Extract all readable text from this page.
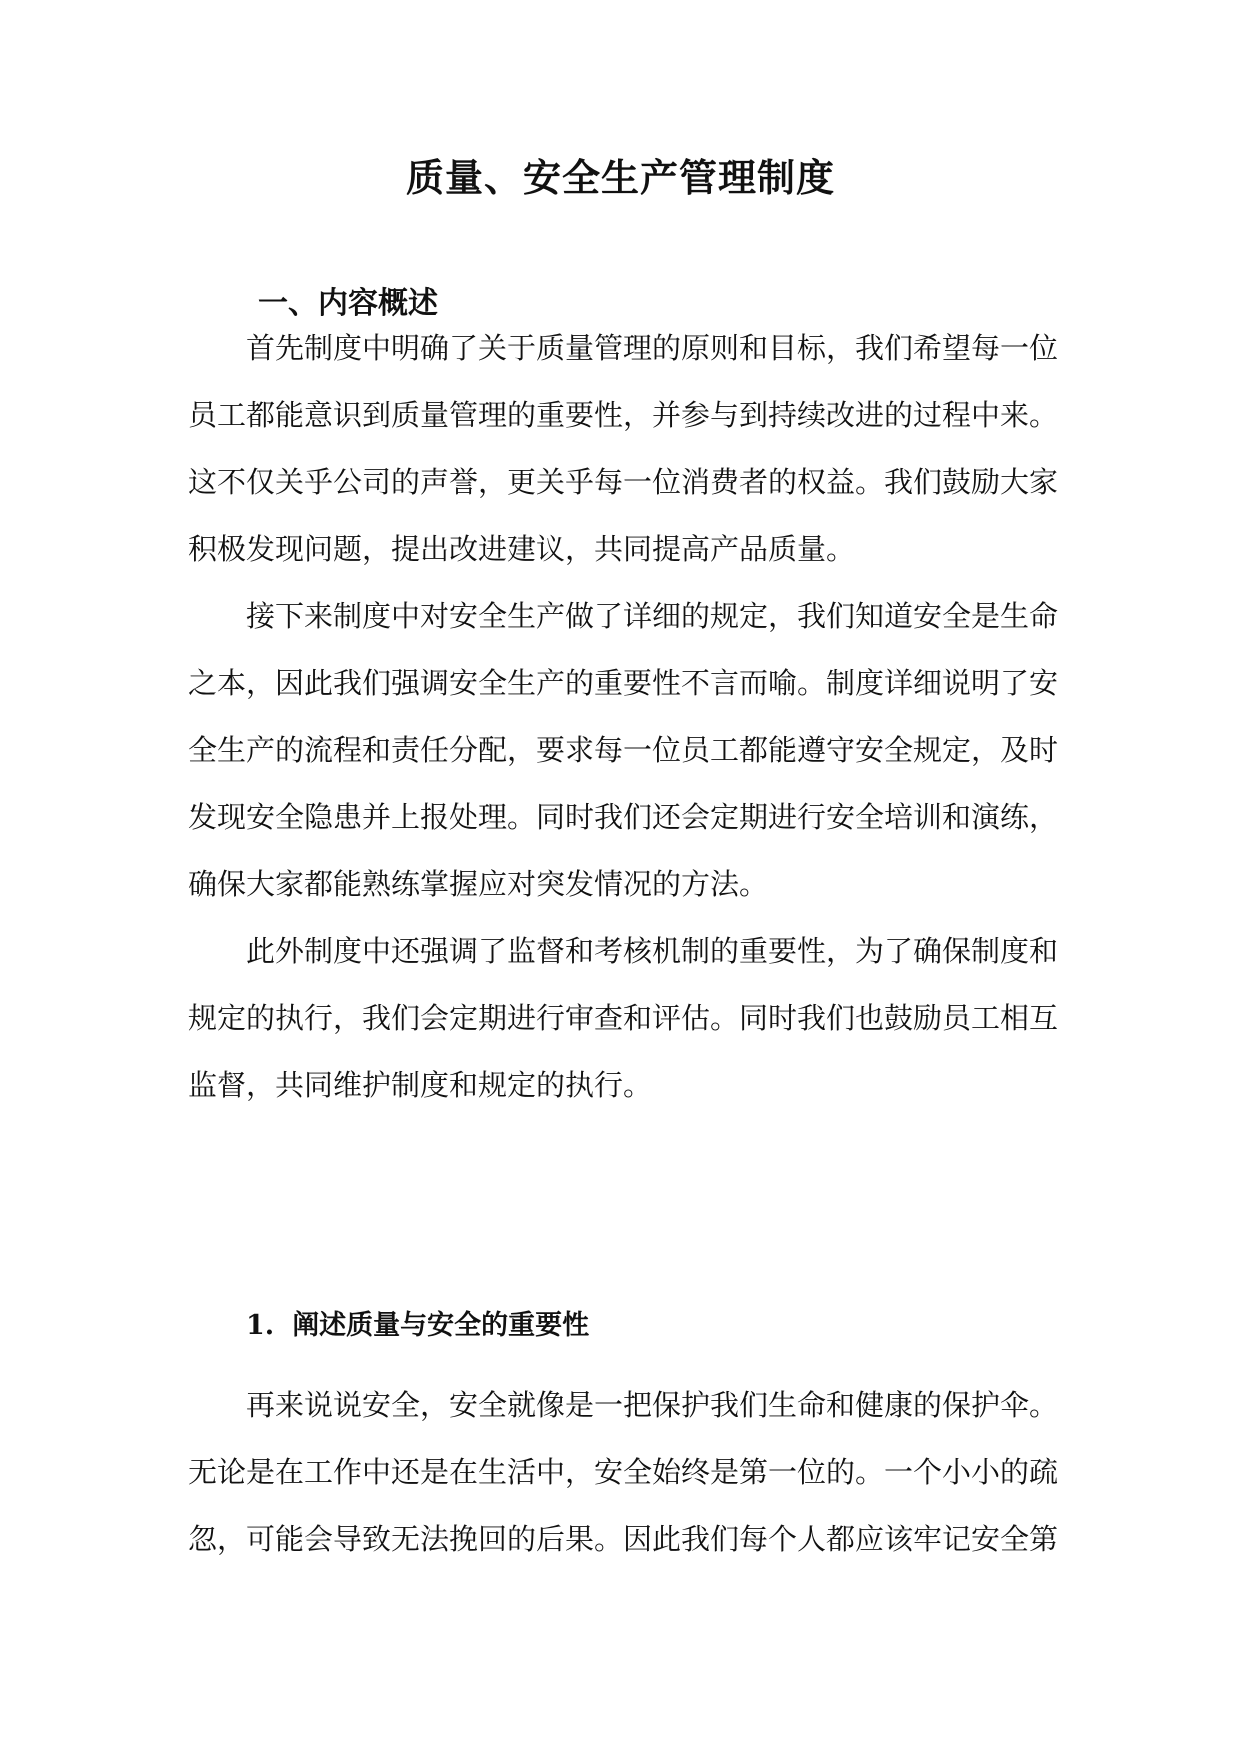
质量、安全生产管理制度
一、内容概述

首先制度中明确了关于质量管理的原则和目标，我们希望每一位

员工都能意识到质量管理的重要性，并参与到持续改进的过程中来。

这不仅关乎公司的声誉，更关乎每一位消费者的权益。我们鼓励大家

积极发现问题，提出改进建议，共同提高产品质量。

接下来制度中对安全生产做了详细的规定，我们知道安全是生命

之本，因此我们强调安全生产的重要性不言而喻。制度详细说明了安

全生产的流程和责任分配，要求每一位员工都能遵守安全规定，及时

发现安全隐患并上报处理。同时我们还会定期进行安全培训和演练，

确保大家都能熟练掌握应对突发情况的方法。

此外制度中还强调了监督和考核机制的重要性，为了确保制度和

规定的执行，我们会定期进行审查和评估。同时我们也鼓励员工相互

监督，共同维护制度和规定的执行。

1. 阐述质量与安全的重要性

再来说说安全，安全就像是一把保护我们生命和健康的保护伞。

无论是在工作中还是在生活中，安全始终是第一位的。一个小小的疏

忽，可能会导致无法挽回的后果。因此我们每个人都应该牢记安全第
